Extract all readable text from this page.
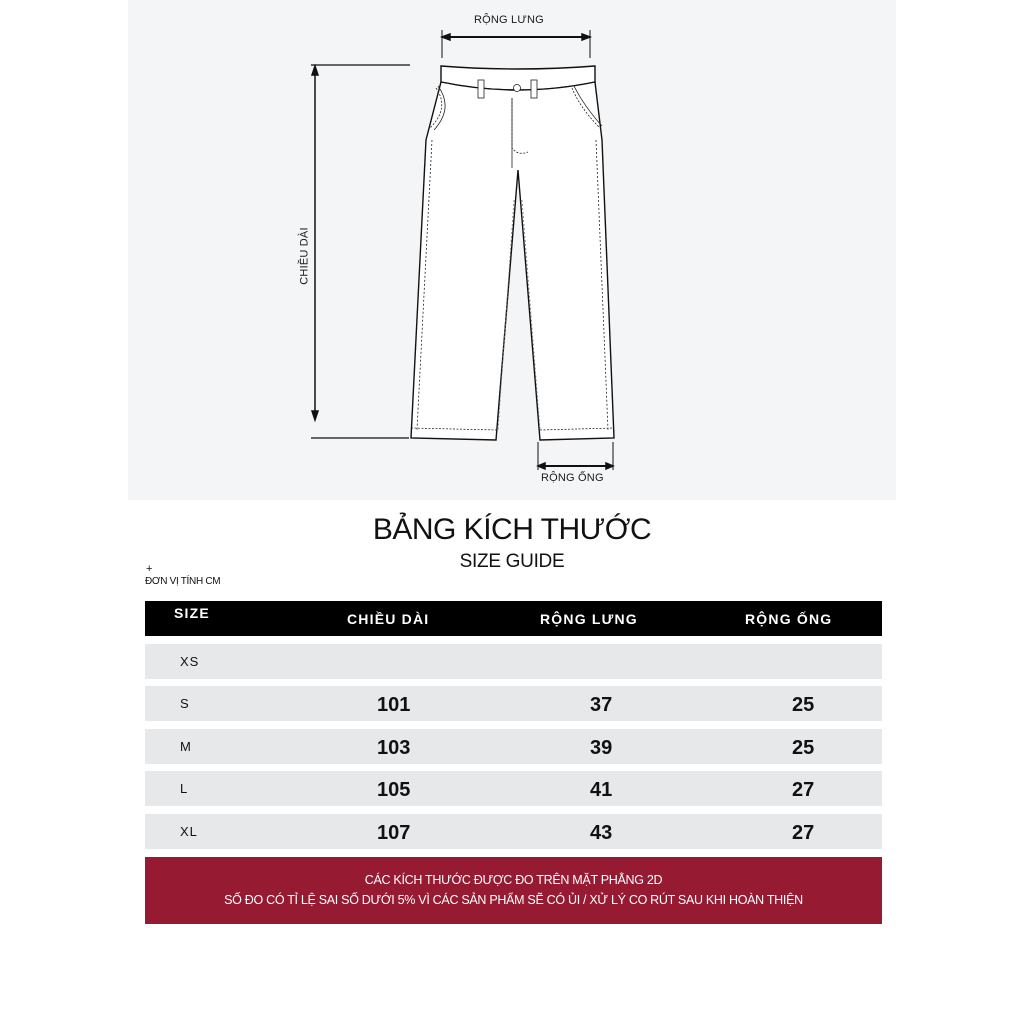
RỘNG LƯNG
CHIỀU DÀI
RỘNG ỐNG
BẢNG KÍCH THƯỚC
SIZE GUIDE
+
ĐƠN VỊ TÍNH CM
SIZE	CHIỀU DÀI	RỘNG LƯNG	RỘNG ỐNG
XS
S	101	37	25
M	103	39	25
L	105	41	27
XL	107	43	27
CÁC KÍCH THƯỚC ĐƯỢC ĐO TRÊN MẶT PHẲNG 2D
SỐ ĐO CÓ TỈ LỆ SAI SỐ DƯỚI 5% VÌ CÁC SẢN PHẨM SẼ CÓ ỦI / XỬ LÝ CO RÚT SAU KHI HOÀN THIỆN
